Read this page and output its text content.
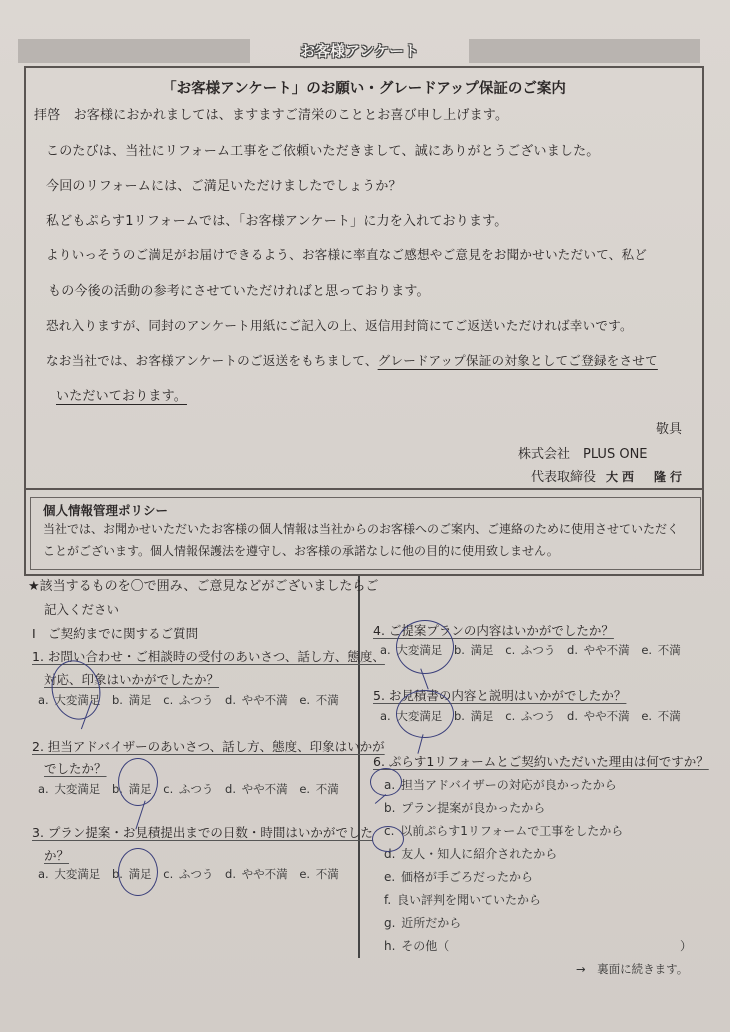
お客様アンケート
「お客様アンケート」のお願い・グレードアップ保証のご案内
拝啓　お客様におかれましては、ますますご清栄のこととお喜び申し上げます。
このたびは、当社にリフォーム工事をご依頼いただきまして、誠にありがとうございました。
今回のリフォームには、ご満足いただけましたでしょうか？
私どもぷらす1リフォームでは、「お客様アンケート」に力を入れております。
よりいっそうのご満足がお届けできるよう、お客様に率直なご感想やご意見をお聞かせいただいて、私ど
もの今後の活動の参考にさせていただければと思っております。
恐れ入りますが、同封のアンケート用紙にご記入の上、返信用封筒にてご返送いただければ幸いです。
なお当社では、お客様アンケートのご返送をもちまして、グレードアップ保証の対象としてご登録をさせて
いただいております。
敬具
株式会社　PLUS ONE
代表取締役 大西　隆行
個人情報管理ポリシー
当社では、お聞かせいただいたお客様の個人情報は当社からのお客様へのご案内、ご連絡のために使用させていただく
ことがございます。個人情報保護法を遵守し、お客様の承諾なしに他の目的に使用致しません。
★該当するものを〇で囲み、ご意見などがございましたらご
記入ください
Ⅰ　ご契約までに関するご質問
1. お問い合わせ・ご相談時の受付のあいさつ、話し方、態度、
対応、印象はいかがでしたか？
a. 大変満足 b. 満足 c. ふつう d. やや不満 e. 不満
2. 担当アドバイザーのあいさつ、話し方、態度、印象はいかが
でしたか？
a. 大変満足 b. 満足 c. ふつう d. やや不満 e. 不満
3. プラン提案・お見積提出までの日数・時間はいかがでした
か？
a. 大変満足 b. 満足 c. ふつう d. やや不満 e. 不満
4. ご提案プランの内容はいかがでしたか？
a. 大変満足 b. 満足 c. ふつう d. やや不満 e. 不満
5. お見積書の内容と説明はいかがでしたか？
a. 大変満足 b. 満足 c. ふつう d. やや不満 e. 不満
6. ぷらす1リフォームとご契約いただいた理由は何ですか？
a. 担当アドバイザーの対応が良かったから
b. プラン提案が良かったから
c. 以前ぷらす1リフォームで工事をしたから
d. 友人・知人に紹介されたから
e. 価格が手ごろだったから
f. 良い評判を聞いていたから
g. 近所だから
h. その他（	）
→　裏面に続きます。
